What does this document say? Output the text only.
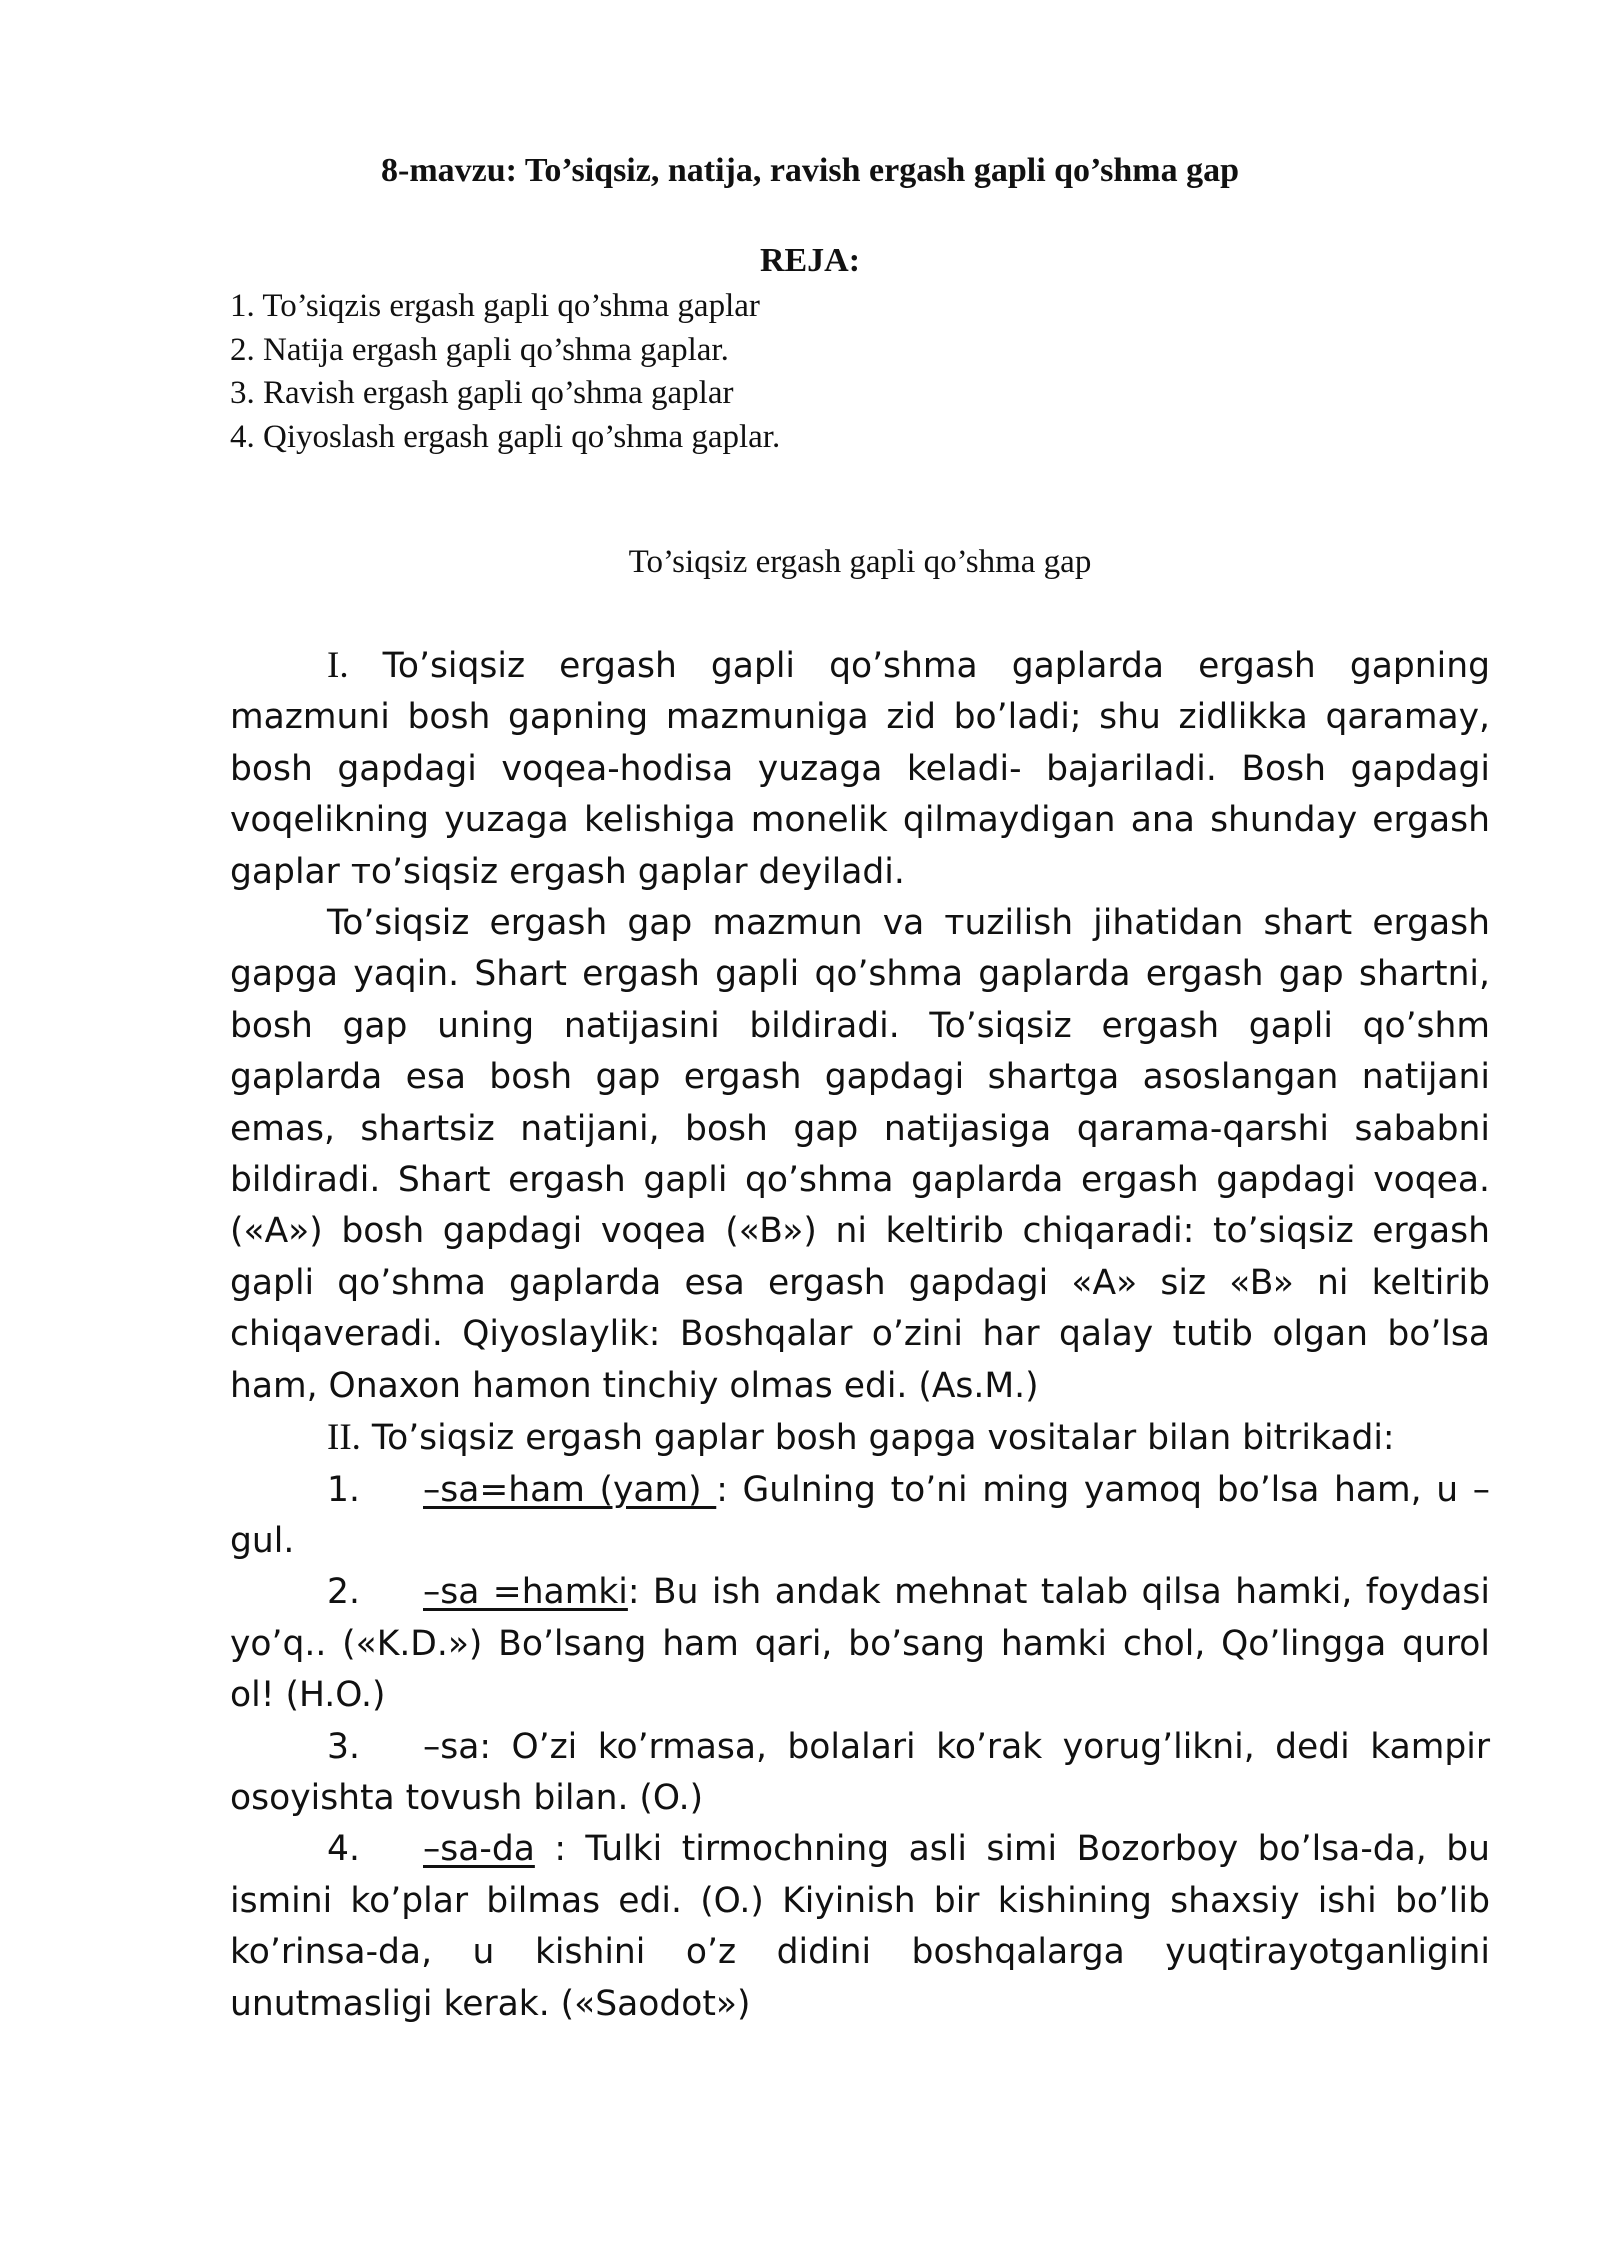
8-mavzu: To’siqsiz, natija, ravish ergash gapli qo’shma gap
REJA:
1. To’siqzis ergash gapli qo’shma gaplar
2. Natija ergash gapli qo’shma gaplar.
3. Ravish ergash gapli qo’shma gaplar
4. Qiyoslash ergash gapli qo’shma gaplar.
To’siqsiz ergash gapli qo’shma gap

I. To’siqsiz ergash gapli qo’shma gaplarda ergash gapning mazmuni bosh gapning mazmuniga zid bo’ladi; shu zidlikka qaramay, bosh gapdagi voqea-hodisa yuzaga keladi- bajariladi. Bosh gapdagi voqelikning yuzaga kelishiga monelik qilmaydigan ana shunday ergash gaplar тo’siqsiz ergash gaplar deyiladi.

To’siqsiz ergash gap mazmun va тuzilish jihatidan shart ergash gapga yaqin. Shart ergash gapli qo’shma gaplarda ergash gap shartni, bosh gap uning natijasini bildiradi. To’siqsiz ergash gapli qo’shm gaplarda esa bosh gap ergash gapdagi shartga asoslangan natijani emas, shartsiz natijani, bosh gap natijasiga qarama-qarshi sababni bildiradi. Shart ergash gapli qo’shma gaplarda ergash gapdagi voqea. («A») bosh gapdagi voqea («B») ni keltirib chiqaradi: to’siqsiz ergash gapli qo’shma gaplarda esa ergash gapdagi «A» siz «B» ni keltirib chiqaveradi. Qiyoslaylik: Boshqalar o’zini har qalay tutib olgan bo’lsa ham, Onaxon hamon tinchiy olmas edi. (As.M.)

II. To’siqsiz ergash gaplar bosh gapga vositalar bilan bitrikadi:

1. –sa=ham (yam) : Gulning to’ni ming yamoq bo’lsa ham, u – gul.

2. –sa =hamki: Bu ish andak mehnat talab qilsa hamki, foydasi yo’q.. («K.D.») Bo’lsang ham qari, bo’sang hamki chol, Qo’lingga qurol ol! (H.O.)

3. –sa: O’zi ko’rmasa, bolalari ko’rak yorugʼlikni, dedi kampir osoyishta tovush bilan. (O.)

4. –sa-da : Tulki tirmochning asli simi Bozorboy bo’lsa-da, bu ismini ko’plar bilmas edi. (O.) Kiyinish bir kishining shaxsiy ishi bo’lib ko’rinsa-da, u kishini o’z didini boshqalarga yuqtirayotganligini unutmasligi kerak. («Saodot»)
